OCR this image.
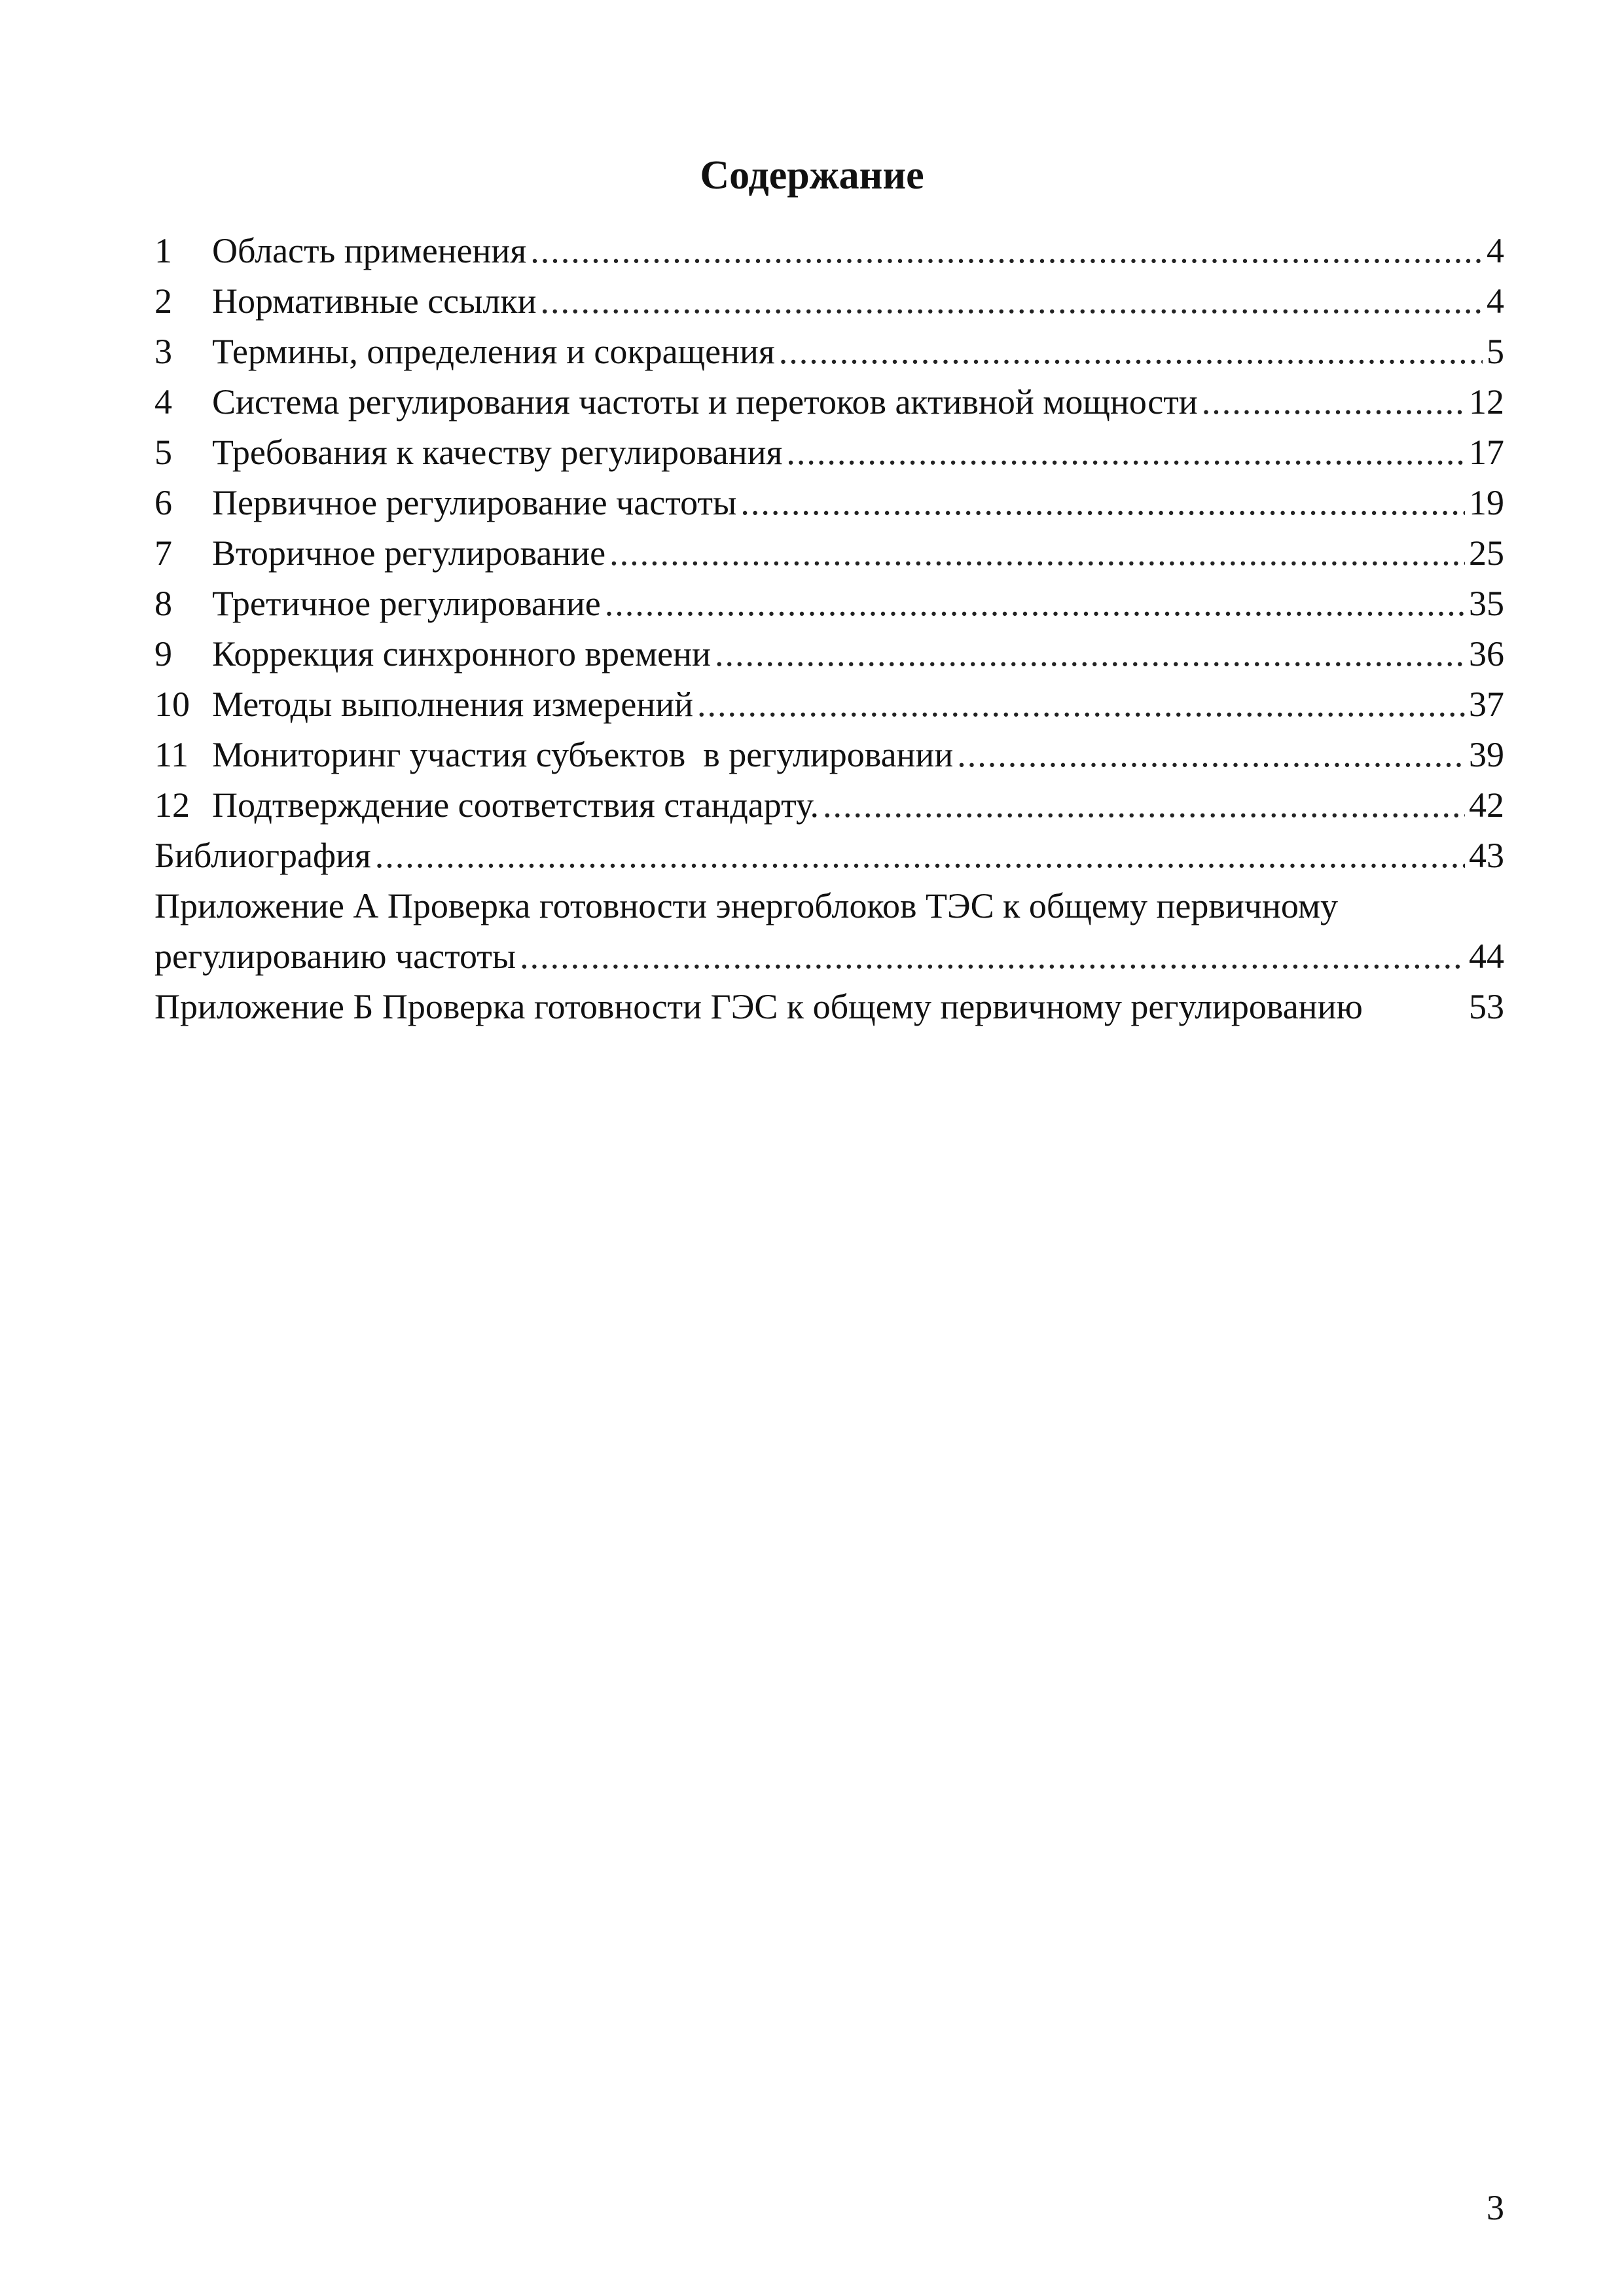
Содержание
1	Область применения .....	4
2	Нормативные ссылки .....	4
3	Термины, определения и сокращения .....	5
4	Система регулирования частоты и перетоков активной мощности .....	12
5	Требования к качеству регулирования .....	17
6	Первичное регулирование частоты .....	19
7	Вторичное регулирование .....	25
8	Третичное регулирование .....	35
9	Коррекция синхронного времени .....	36
10 Методы выполнения измерений .....	37
11 Мониторинг участия субъектов  в регулировании .....	39
12 Подтверждение соответствия стандарту. .....	42
Библиография .....	43
Приложение А Проверка готовности энергоблоков ТЭС к общему первичному
регулированию частоты .....	44
Приложение Б Проверка готовности ГЭС к общему первичному регулированию	53
3
